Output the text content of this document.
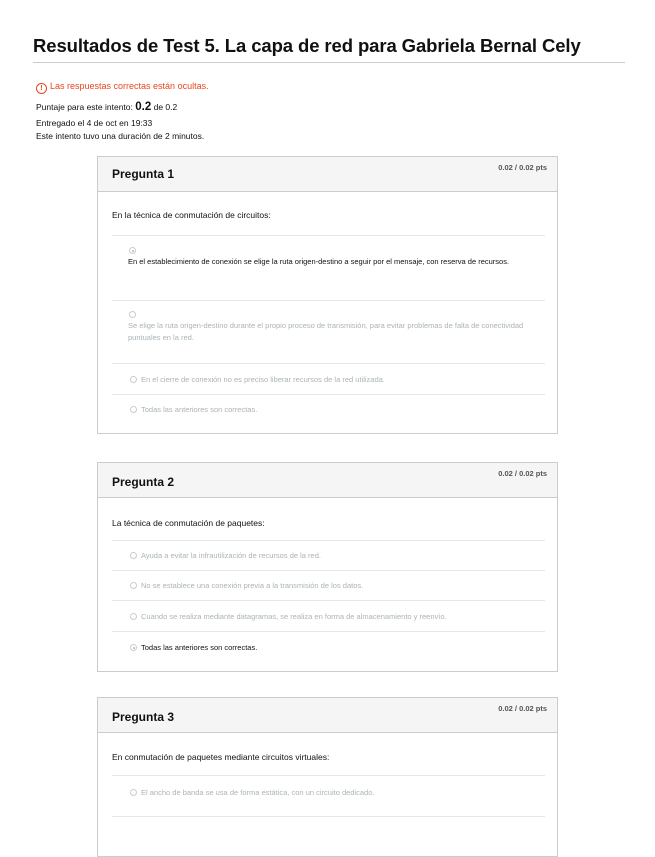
Resultados de Test 5. La capa de red para Gabriela Bernal Cely
! Las respuestas correctas están ocultas.
Puntaje para este intento: 0.2 de 0.2
Entregado el 4 de oct en 19:33
Este intento tuvo una duración de 2 minutos.
Pregunta 1	0.02 / 0.02 pts
En la técnica de conmutación de circuitos:
En el establecimiento de conexión se elige la ruta origen-destino a seguir por el mensaje, con reserva de recursos.
Se elige la ruta origen-destino durante el propio proceso de transmisión, para evitar problemas de falta de conectividad puntuales en la red.
En el cierre de conexión no es preciso liberar recursos de la red utilizada.
Todas las anteriores son correctas.
Pregunta 2
0.02 / 0.02 pts
La técnica de conmutación de paquetes:
Ayuda a evitar la infrautilización de recursos de la red.
No se establece una conexión previa a la transmisión de los datos.
Cuando se realiza mediante datagramas, se realiza en forma de almacenamiento y reenvío.
Todas las anteriores son correctas.
Pregunta 3
0.02 / 0.02 pts
En conmutación de paquetes mediante circuitos virtuales:
El ancho de banda se usa de forma estática, con un circuito dedicado.
